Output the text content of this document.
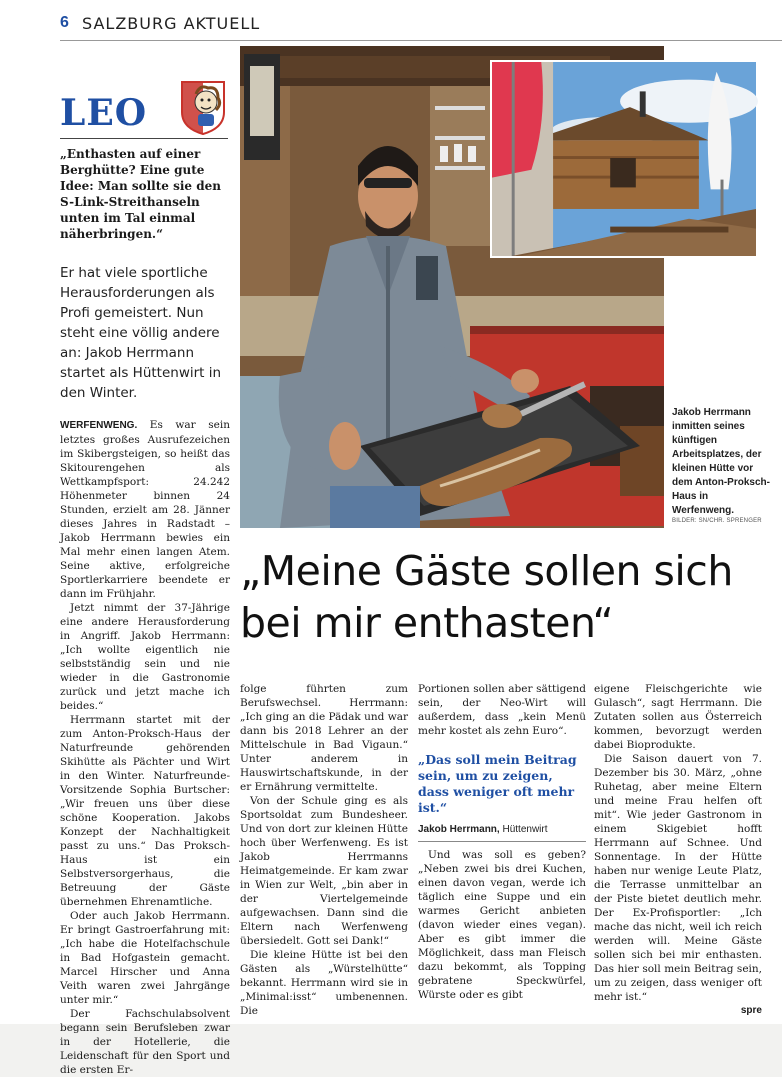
6 SALZBURG AKTUELL
LEO
„Enthasten auf einer Berghütte? Eine gute Idee: Man sollte sie den S-Link-Streithanseln unten im Tal einmal näherbringen.“
Er hat viele sportliche Herausforderungen als Profi gemeistert. Nun steht eine völlig andere an: Jakob Herrmann startet als Hüttenwirt in den Winter.
Jakob Herrmann inmitten seines künftigen Arbeitsplatzes, der kleinen Hütte vor dem Anton-Proksch-Haus in Werfenweng.
BILDER: SN/CHR. SPRENGER
„Meine Gäste sollen sich bei mir enthasten“

WERFENWENG. Es war sein letztes großes Ausrufezeichen im Skibergsteigen, so heißt das Skitourengehen als Wettkampfsport: 24.242 Höhenmeter binnen 24 Stunden, erzielt am 28. Jänner dieses Jahres in Radstadt – Jakob Herrmann bewies ein Mal mehr einen langen Atem. Seine aktive, erfolgreiche Sportlerkarriere beendete er dann im Frühjahr.

Jetzt nimmt der 37-Jährige eine andere Herausforderung in Angriff. Jakob Herrmann: „Ich wollte eigentlich nie selbstständig sein und nie wieder in die Gastronomie zurück und jetzt mache ich beides.“

Herrmann startet mit der zum Anton-Proksch-Haus der Naturfreunde gehörenden Skihütte als Pächter und Wirt in den Winter. Naturfreunde-Vorsitzende Sophia Burtscher: „Wir freuen uns über diese schöne Kooperation. Jakobs Konzept der Nachhaltigkeit passt zu uns.“ Das Proksch-Haus ist ein Selbstversorgerhaus, die Betreuung der Gäste übernehmen Ehrenamtliche.

Oder auch Jakob Herrmann. Er bringt Gastroerfahrung mit: „Ich habe die Hotelfachschule in Bad Hofgastein gemacht. Marcel Hirscher und Anna Veith waren zwei Jahrgänge unter mir.“

Der Fachschulabsolvent begann sein Berufsleben zwar in der Hotellerie, die Leidenschaft für den Sport und die ersten Er-

folge führten zum Berufswechsel. Herrmann: „Ich ging an die Pädak und war dann bis 2018 Lehrer an der Mittelschule in Bad Vigaun.“ Unter anderem in Hauswirtschaftskunde, in der er Ernährung vermittelte.

Von der Schule ging es als Sportsoldat zum Bundesheer. Und von dort zur kleinen Hütte hoch über Werfenweng. Es ist Jakob Herrmanns Heimatgemeinde. Er kam zwar in Wien zur Welt, „bin aber in der Viertelgemeinde aufgewachsen. Dann sind die Eltern nach Werfenweng übersiedelt. Gott sei Dank!“

Die kleine Hütte ist bei den Gästen als „Würstelhütte“ bekannt. Herrmann wird sie in „Minimal:isst“ umbenennen. Die

Portionen sollen aber sättigend sein, der Neo-Wirt will außerdem, dass „kein Menü mehr kostet als zehn Euro“.

„Das soll mein Beitrag sein, um zu zeigen, dass weniger oft mehr ist.“
Jakob Herrmann, Hüttenwirt

Und was soll es geben? „Neben zwei bis drei Kuchen, einen davon vegan, werde ich täglich eine Suppe und ein warmes Gericht anbieten (davon wieder eines vegan). Aber es gibt immer die Möglichkeit, dass man Fleisch dazu bekommt, als Topping gebratene Speckwürfel, Würste oder es gibt

eigene Fleischgerichte wie Gulasch“, sagt Herrmann. Die Zutaten sollen aus Österreich kommen, bevorzugt werden dabei Bioprodukte.

Die Saison dauert von 7. Dezember bis 30. März, „ohne Ruhetag, aber meine Eltern und meine Frau helfen oft mit“. Wie jeder Gastronom in einem Skigebiet hofft Herrmann auf Schnee. Und Sonnentage. In der Hütte haben nur wenige Leute Platz, die Terrasse unmittelbar an der Piste bietet deutlich mehr. Der Ex-Profisportler: „Ich mache das nicht, weil ich reich werden will. Meine Gäste sollen sich bei mir enthasten. Das hier soll mein Beitrag sein, um zu zeigen, dass weniger oft mehr ist.“

spre
